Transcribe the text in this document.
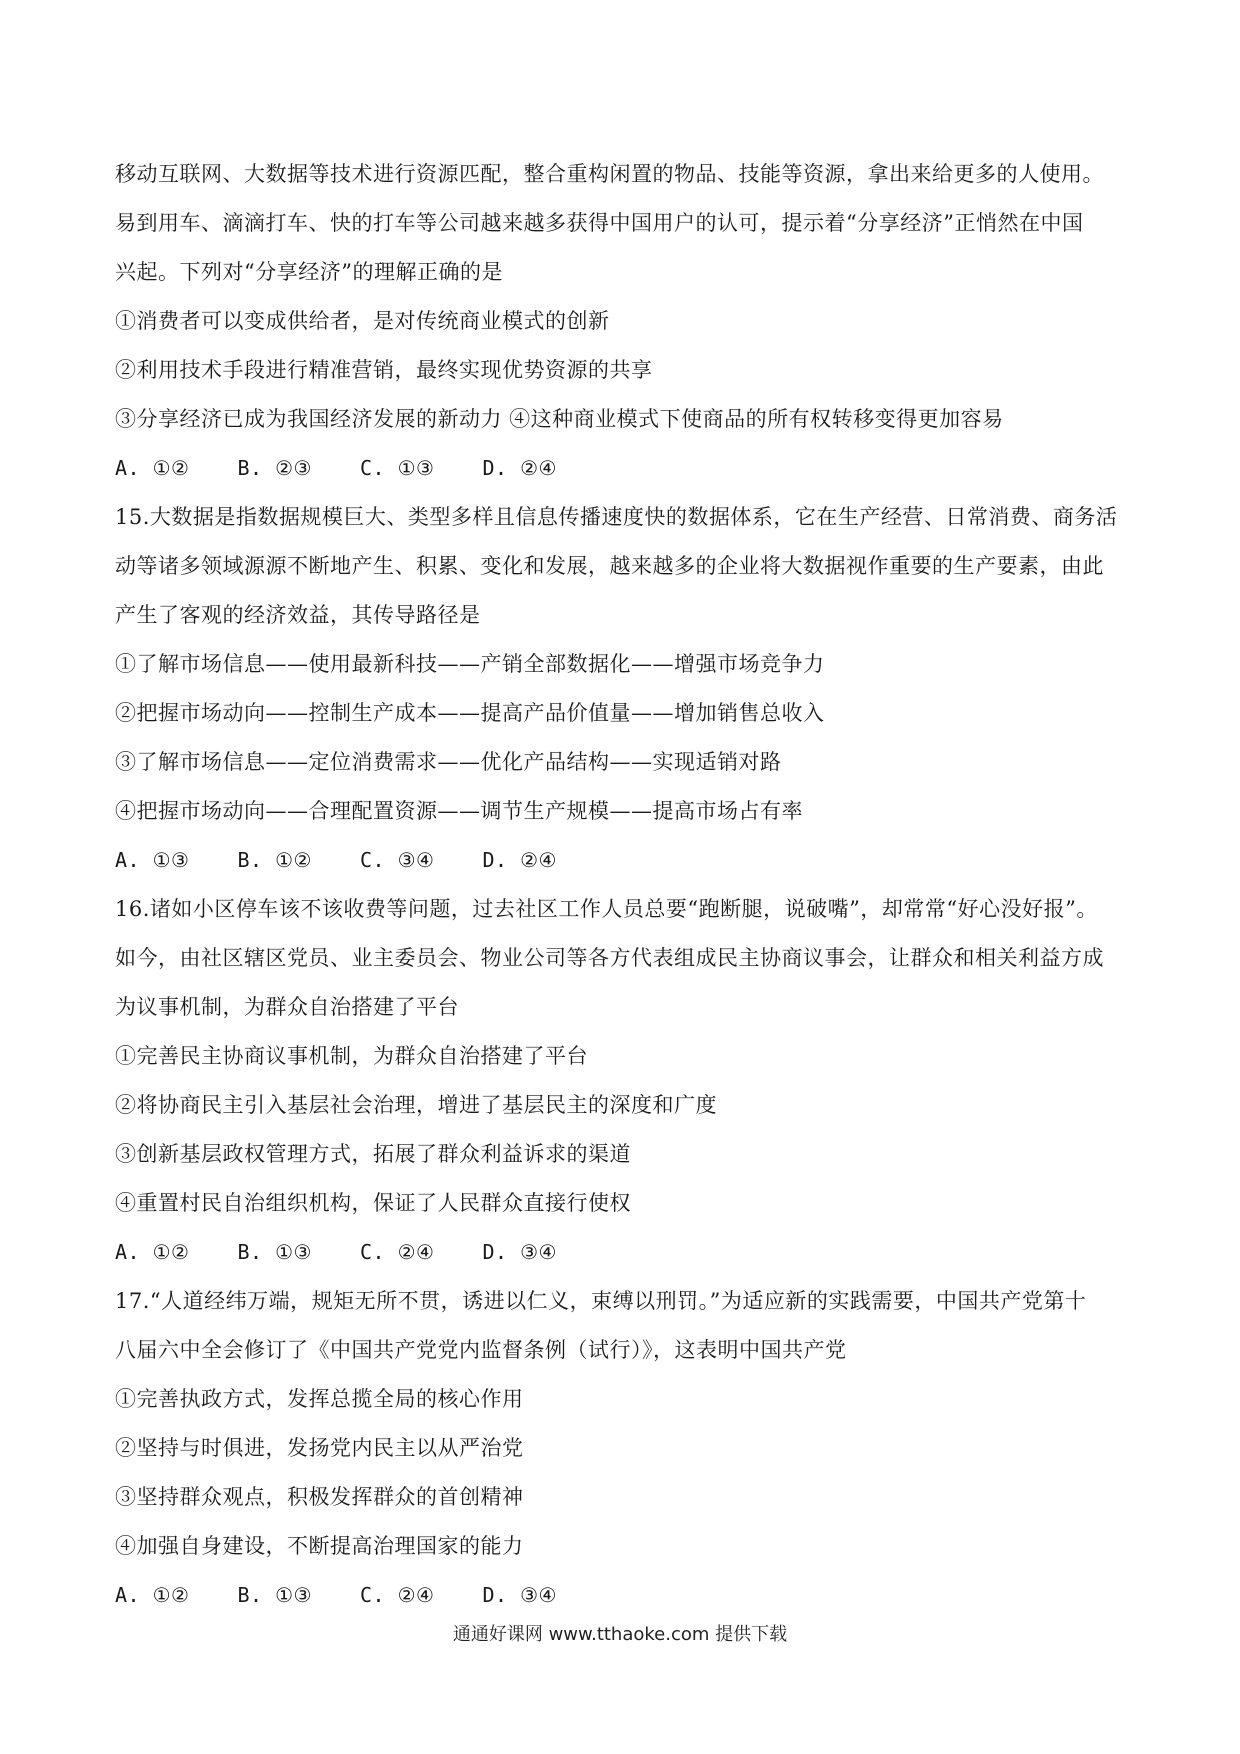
移动互联网、大数据等技术进行资源匹配，整合重构闲置的物品、技能等资源，拿出来给更多的人使用。
易到用车、滴滴打车、快的打车等公司越来越多获得中国用户的认可，提示着“分享经济”正悄然在中国
兴起。下列对“分享经济”的理解正确的是
①消费者可以变成供给者，是对传统商业模式的创新
②利用技术手段进行精准营销，最终实现优势资源的共享
③分享经济已成为我国经济发展的新动力 ④这种商业模式下使商品的所有权转移变得更加容易
A. ①② B. ②③ C. ①③ D. ②④
15.大数据是指数据规模巨大、类型多样且信息传播速度快的数据体系，它在生产经营、日常消费、商务活
动等诸多领域源源不断地产生、积累、变化和发展，越来越多的企业将大数据视作重要的生产要素，由此
产生了客观的经济效益，其传导路径是
①了解市场信息——使用最新科技——产销全部数据化——增强市场竞争力
②把握市场动向——控制生产成本——提高产品价值量——增加销售总收入
③了解市场信息——定位消费需求——优化产品结构——实现适销对路
④把握市场动向——合理配置资源——调节生产规模——提高市场占有率
A. ①③ B. ①② C. ③④ D. ②④
16.诸如小区停车该不该收费等问题，过去社区工作人员总要“跑断腿，说破嘴”，却常常“好心没好报”。
如今，由社区辖区党员、业主委员会、物业公司等各方代表组成民主协商议事会，让群众和相关利益方成
为议事机制，为群众自治搭建了平台
①完善民主协商议事机制，为群众自治搭建了平台
②将协商民主引入基层社会治理，增进了基层民主的深度和广度
③创新基层政权管理方式，拓展了群众利益诉求的渠道
④重置村民自治组织机构，保证了人民群众直接行使权
A. ①② B. ①③ C. ②④ D. ③④
17.“人道经纬万端，规矩无所不贯，诱进以仁义，束缚以刑罚。”为适应新的实践需要，中国共产党第十
八届六中全会修订了《中国共产党党内监督条例（试行）》，这表明中国共产党
①完善执政方式，发挥总揽全局的核心作用
②坚持与时俱进，发扬党内民主以从严治党
③坚持群众观点，积极发挥群众的首创精神
④加强自身建设，不断提高治理国家的能力
A. ①② B. ①③ C. ②④ D. ③④
通通好课网 www.tthaoke.com 提供下载
